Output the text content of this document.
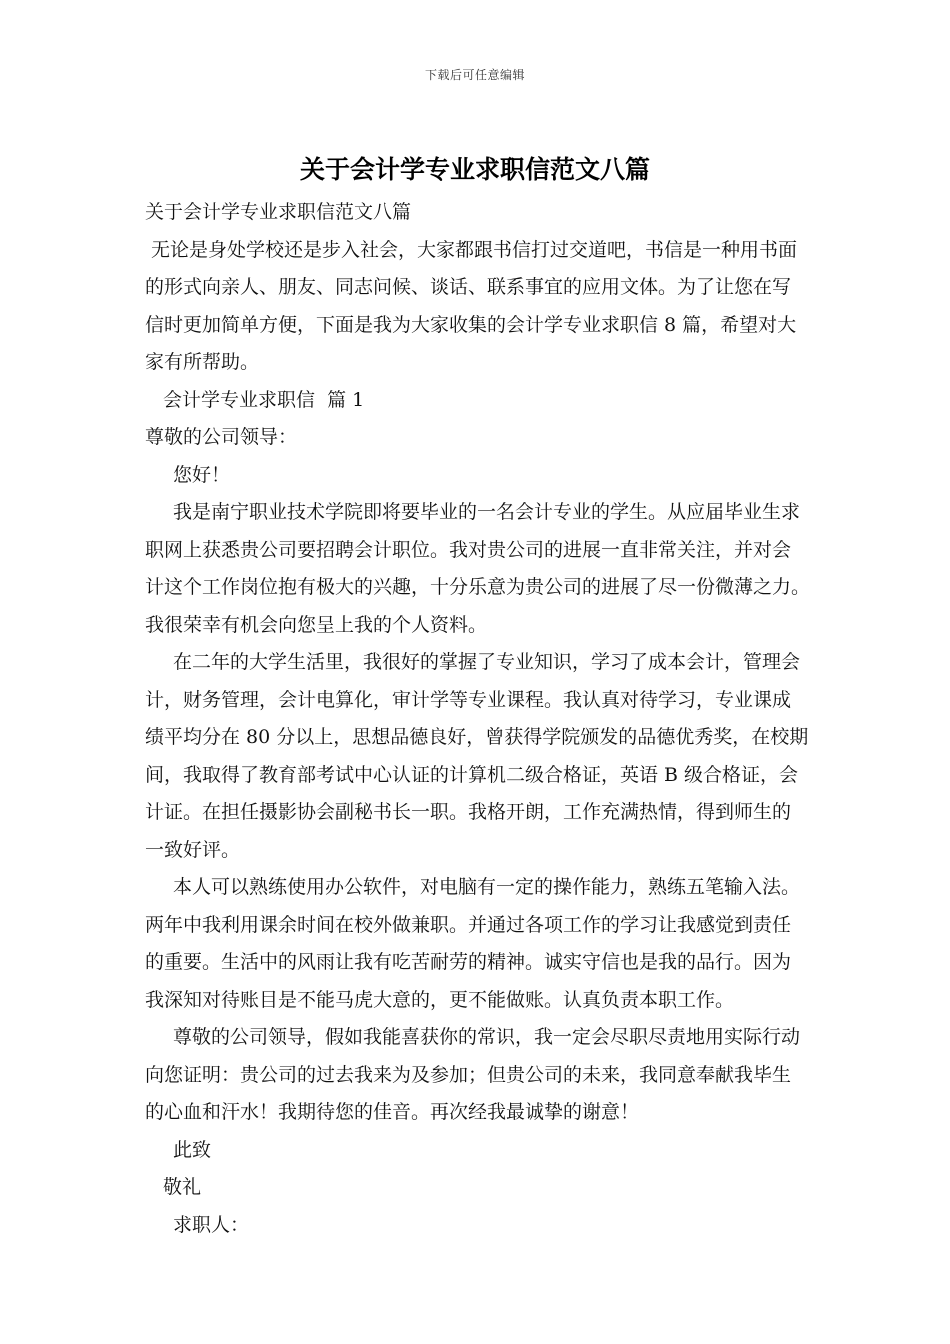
下载后可任意编辑
关于会计学专业求职信范文八篇
关于会计学专业求职信范文八篇
无论是身处学校还是步入社会，大家都跟书信打过交道吧，书信是一种用书面
的形式向亲人、朋友、同志问候、谈话、联系事宜的应用文体。为了让您在写
信时更加简单方便，下面是我为大家收集的会计学专业求职信 8 篇，希望对大
家有所帮助。
会计学专业求职信  篇 1
尊敬的公司领导：
您好！
我是南宁职业技术学院即将要毕业的一名会计专业的学生。从应届毕业生求
职网上获悉贵公司要招聘会计职位。我对贵公司的进展一直非常关注，并对会
计这个工作岗位抱有极大的兴趣，十分乐意为贵公司的进展了尽一份微薄之力。
我很荣幸有机会向您呈上我的个人资料。
在二年的大学生活里，我很好的掌握了专业知识，学习了成本会计，管理会
计，财务管理，会计电算化，审计学等专业课程。我认真对待学习，专业课成
绩平均分在 80 分以上，思想品德良好，曾获得学院颁发的品德优秀奖，在校期
间，我取得了教育部考试中心认证的计算机二级合格证，英语 B 级合格证，会
计证。在担任摄影协会副秘书长一职。我格开朗，工作充满热情，得到师生的
一致好评。
本人可以熟练使用办公软件，对电脑有一定的操作能力，熟练五笔输入法。
两年中我利用课余时间在校外做兼职。并通过各项工作的学习让我感觉到责任
的重要。生活中的风雨让我有吃苦耐劳的精神。诚实守信也是我的品行。因为
我深知对待账目是不能马虎大意的，更不能做账。认真负责本职工作。
尊敬的公司领导，假如我能喜获你的常识，我一定会尽职尽责地用实际行动
向您证明：贵公司的过去我来为及参加；但贵公司的未来，我同意奉献我毕生
的心血和汗水！我期待您的佳音。再次经我最诚挚的谢意！
此致
敬礼
求职人：
